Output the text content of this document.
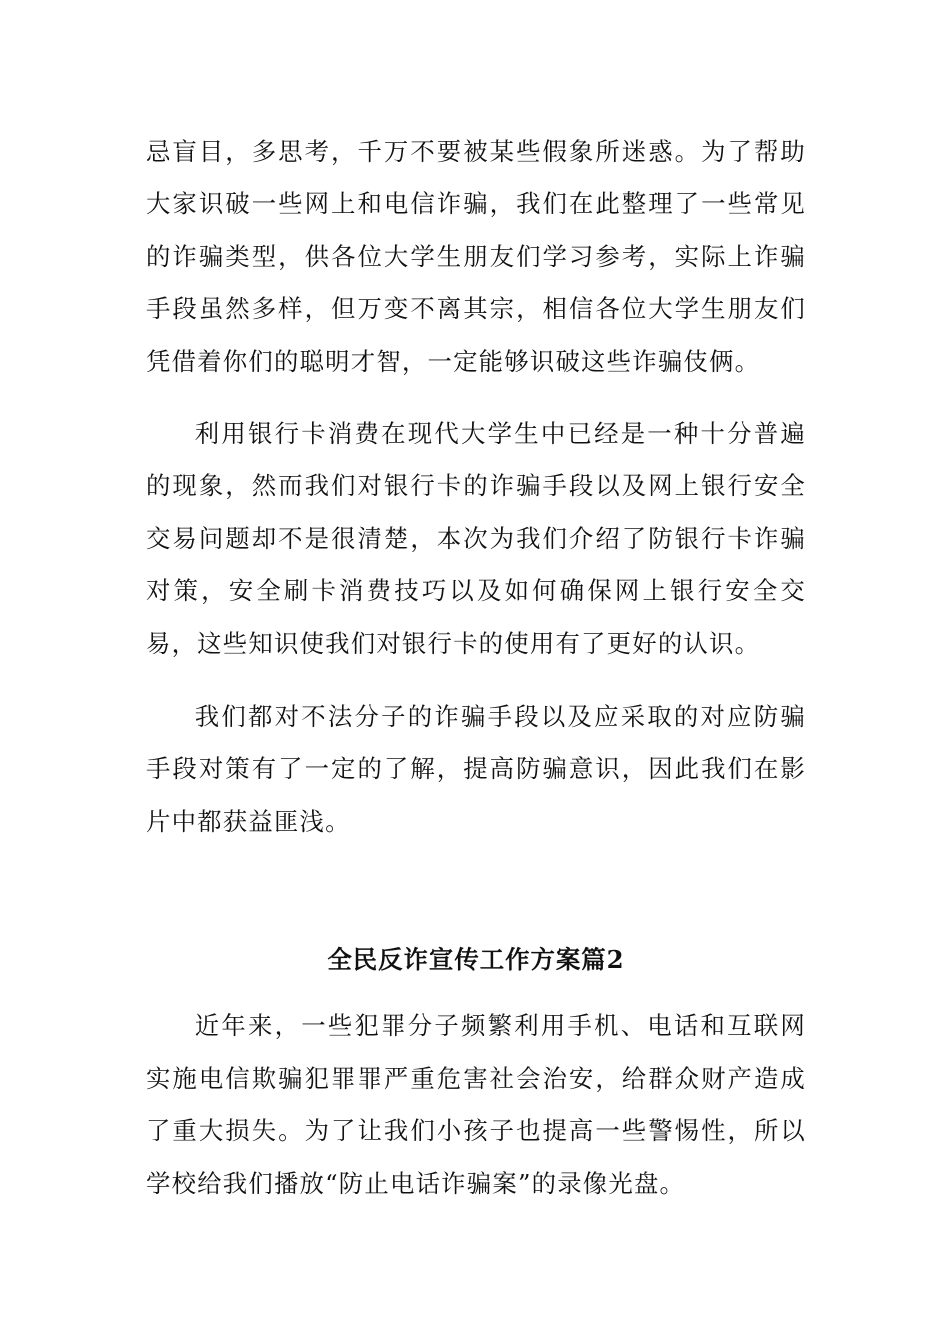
忌盲目，多思考，千万不要被某些假象所迷惑。为了帮助大家识破一些网上和电信诈骗，我们在此整理了一些常见的诈骗类型，供各位大学生朋友们学习参考，实际上诈骗手段虽然多样，但万变不离其宗，相信各位大学生朋友们凭借着你们的聪明才智，一定能够识破这些诈骗伎俩。

利用银行卡消费在现代大学生中已经是一种十分普遍的现象，然而我们对银行卡的诈骗手段以及网上银行安全交易问题却不是很清楚，本次为我们介绍了防银行卡诈骗对策，安全刷卡消费技巧以及如何确保网上银行安全交易，这些知识使我们对银行卡的使用有了更好的认识。

我们都对不法分子的诈骗手段以及应采取的对应防骗手段对策有了一定的了解，提高防骗意识，因此我们在影片中都获益匪浅。

全民反诈宣传工作方案篇2

近年来，一些犯罪分子频繁利用手机、电话和互联网实施电信欺骗犯罪罪严重危害社会治安，给群众财产造成了重大损失。为了让我们小孩子也提高一些警惕性，所以学校给我们播放“防止电话诈骗案”的录像光盘。
